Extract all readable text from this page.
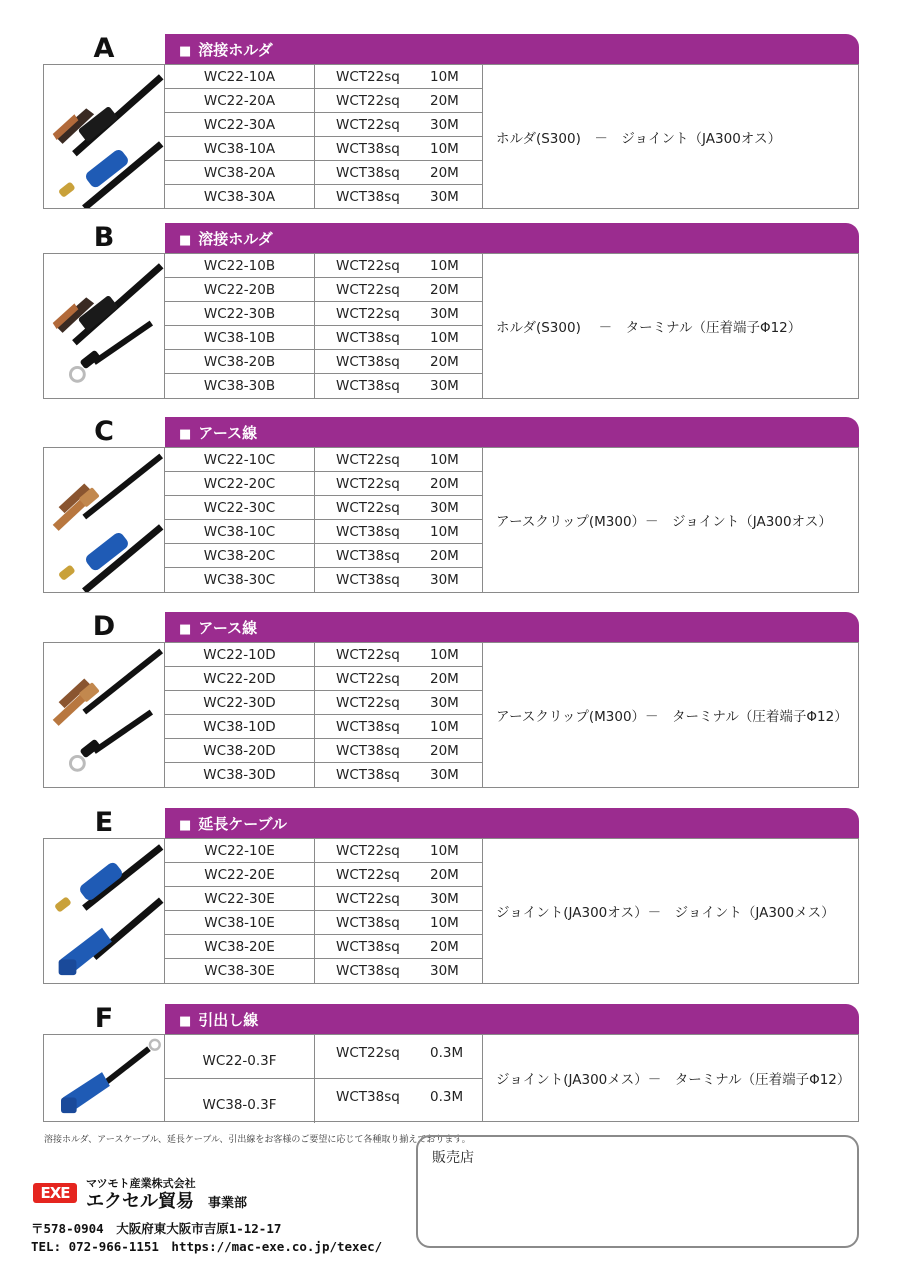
A	■ 溶接ホルダ
WC22-10A	WCT22sq 10M
WC22-20A	WCT22sq 20M
WC22-30A	WCT22sq 30M
WC38-10A	WCT38sq 10M
WC38-20A	WCT38sq 20M
WC38-30A	WCT38sq 30M
ホルダ(S300)　－　ジョイント（JA300オス）
B	■ 溶接ホルダ
WC22-10B	WCT22sq 10M
WC22-20B	WCT22sq 20M
WC22-30B	WCT22sq 30M
WC38-10B	WCT38sq 10M
WC38-20B	WCT38sq 20M
WC38-30B	WCT38sq 30M
ホルダ(S300)　 －　ターミナル（圧着端子Φ12）
C	■ アース線
WC22-10C	WCT22sq 10M
WC22-20C	WCT22sq 20M
WC22-30C	WCT22sq 30M
WC38-10C	WCT38sq 10M
WC38-20C	WCT38sq 20M
WC38-30C	WCT38sq 30M
アースクリップ(M300）－　ジョイント（JA300オス）
D	■ アース線
WC22-10D	WCT22sq 10M
WC22-20D	WCT22sq 20M
WC22-30D	WCT22sq 30M
WC38-10D	WCT38sq 10M
WC38-20D	WCT38sq 20M
WC38-30D	WCT38sq 30M
アースクリップ(M300）－　ターミナル（圧着端子Φ12）
E	■ 延長ケーブル
WC22-10E	WCT22sq 10M
WC22-20E	WCT22sq 20M
WC22-30E	WCT22sq 30M
WC38-10E	WCT38sq 10M
WC38-20E	WCT38sq 20M
WC38-30E	WCT38sq 30M
ジョイント(JA300オス）－　ジョイント（JA300メス）
F	■ 引出し線
WC22-0.3F	WCT22sq 0.3M
WC38-0.3F	WCT38sq 0.3M
ジョイント(JA300メス）－　ターミナル（圧着端子Φ12）
溶接ホルダ、アースケーブル、延長ケーブル、引出線をお客様のご要望に応じて各種取り揃えております。
EXE
マツモト産業株式会社
エクセル貿易 事業部
〒578-0904　大阪府東大阪市吉原1-12-17
TEL: 072-966-1151　https://mac-exe.co.jp/texec/
販売店
